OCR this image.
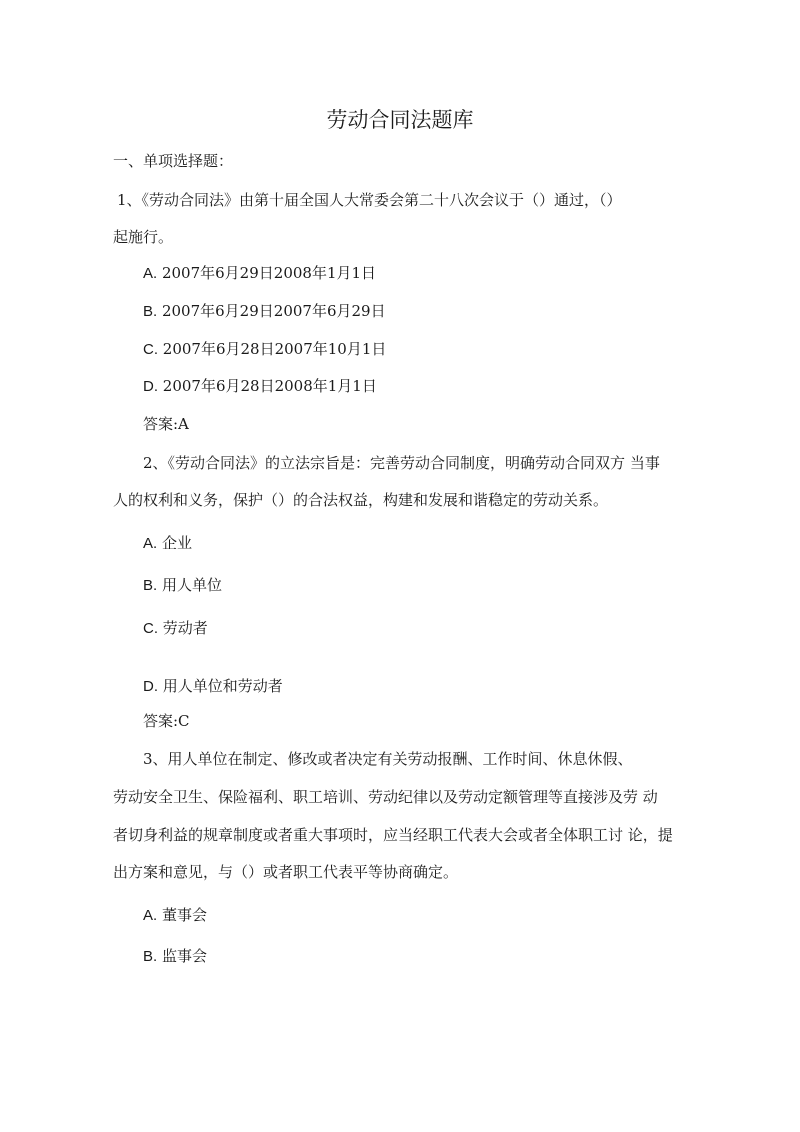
劳动合同法题库
一、单项选择题：
1、《劳动合同法》由第十届全国人大常委会第二十八次会议于（）通过，（）
起施行。
A. 2007年6月29日2008年1月1日
B. 2007年6月29日2007年6月29日
C. 2007年6月28日2007年10月1日
D. 2007年6月28日2008年1月1日
答案:A
2、《劳动合同法》的立法宗旨是：完善劳动合同制度，明确劳动合同双方 当事
人的权利和义务，保护（）的合法权益，构建和发展和谐稳定的劳动关系。
A. 企业
B. 用人单位
C. 劳动者
D. 用人单位和劳动者
答案:C
3、用人单位在制定、修改或者决定有关劳动报酬、工作时间、休息休假、
劳动安全卫生、保险福利、职工培训、劳动纪律以及劳动定额管理等直接涉及劳 动
者切身利益的规章制度或者重大事项时，应当经职工代表大会或者全体职工讨 论，提
出方案和意见，与（）或者职工代表平等协商确定。
A. 董事会
B. 监事会
